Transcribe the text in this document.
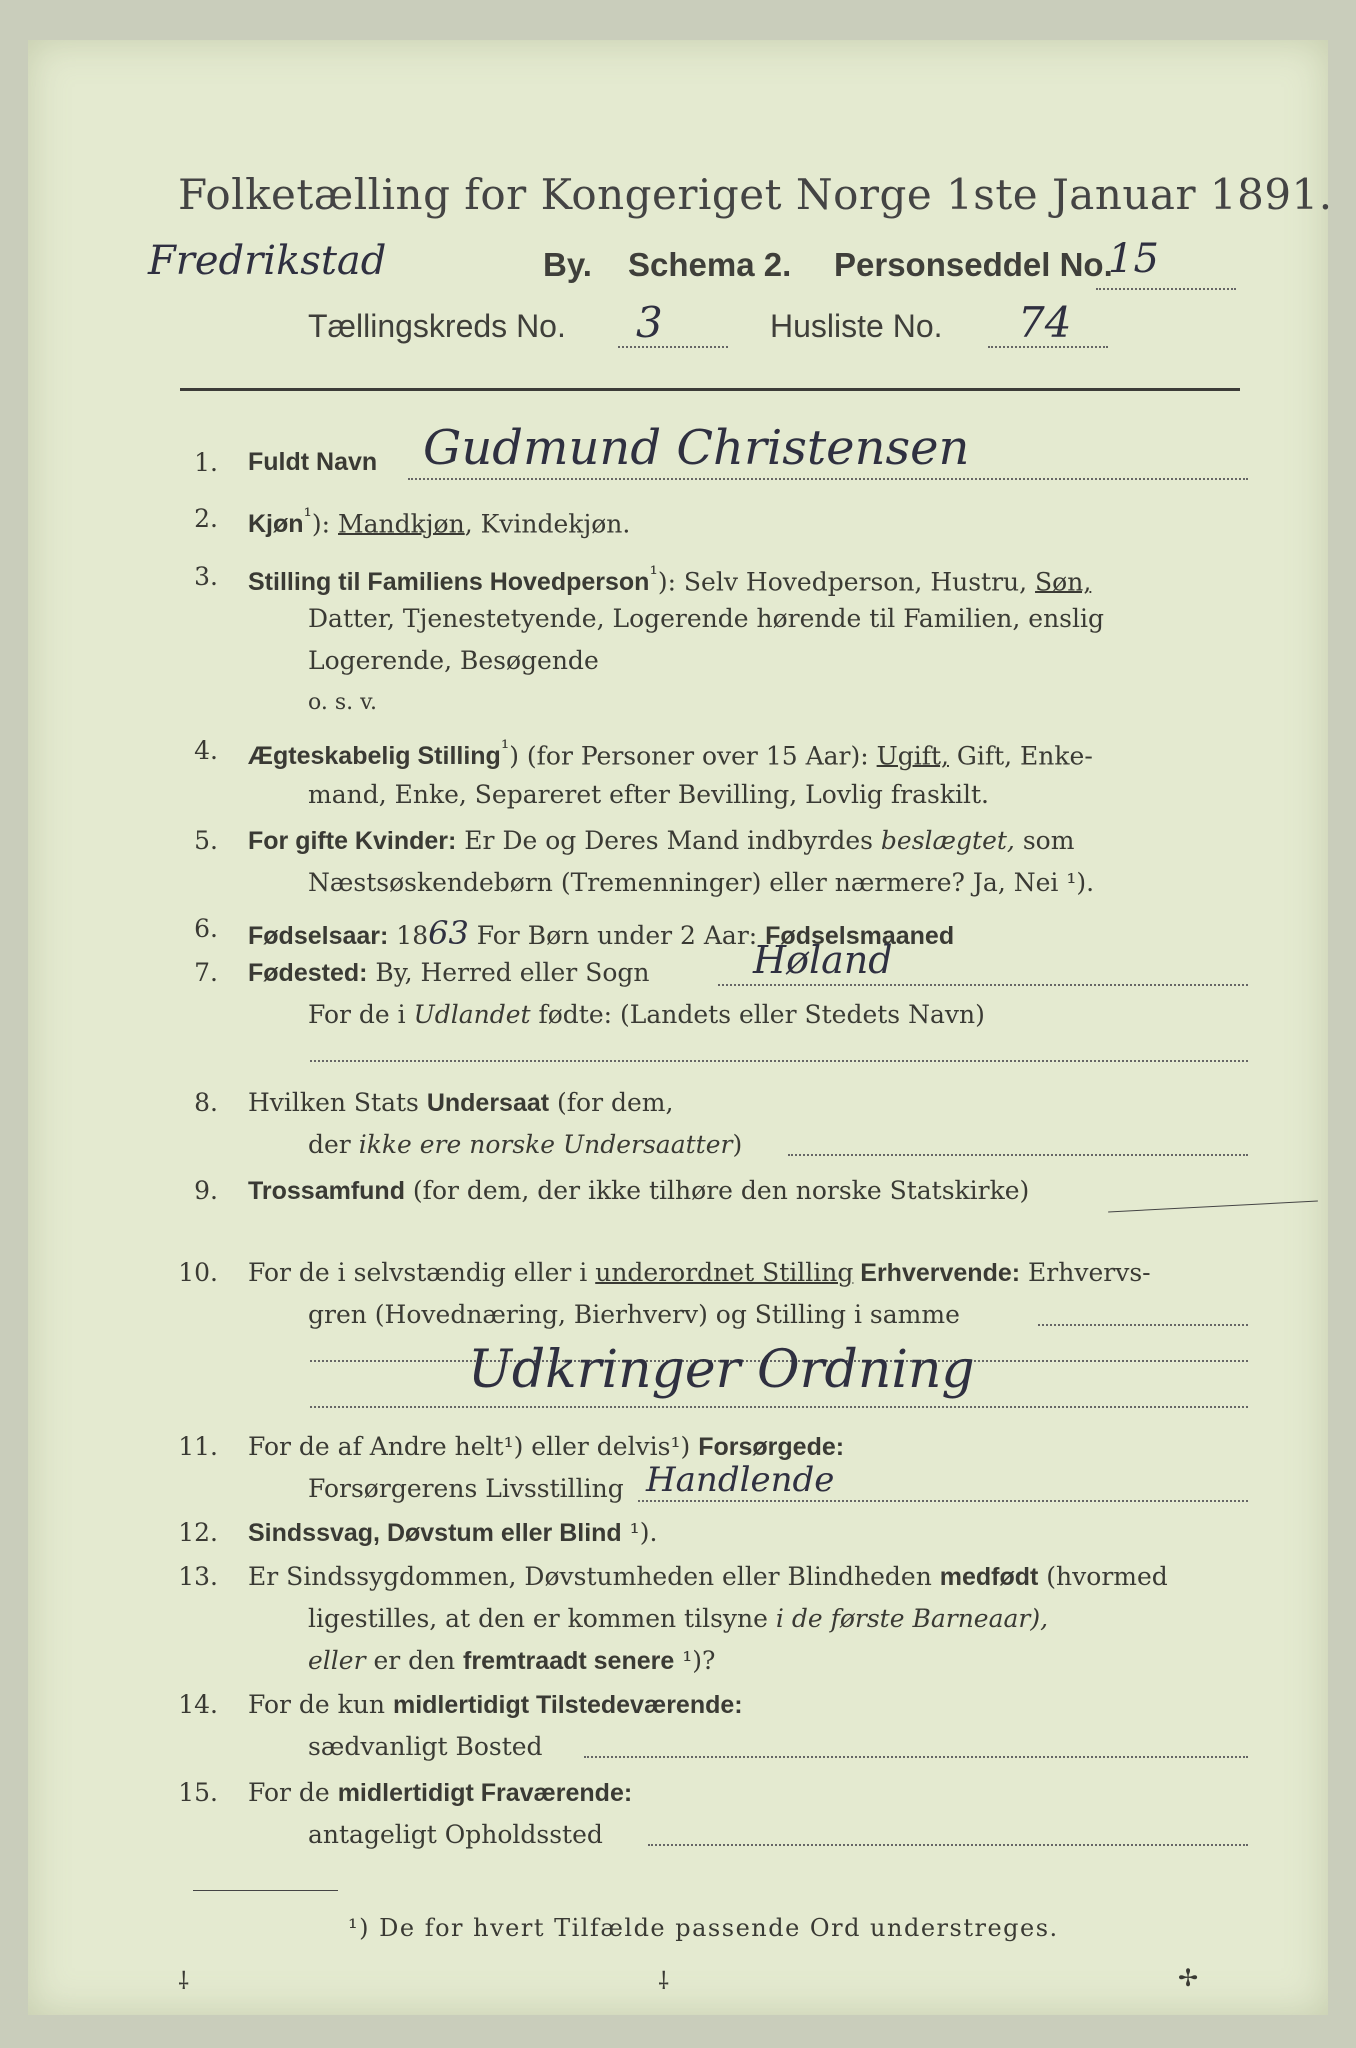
Folketælling for Kongeriget Norge 1ste Januar 1891.
Fredrikstad	By. Schema 2. Personseddel No.
15
Tællingskreds No. 3	Husliste No. 74
1. Fuldt Navn Gudmund Christensen
2. Kjøn$^{^1}$): Mandkjøn, Kvindekjøn.
3. Stilling til Familiens Hovedperson$^{^1}$): Selv Hovedperson, Hustru, Søn,
Datter, Tjenestetyende, Logerende hørende til Familien, enslig
Logerende, Besøgende
o. s. v.
4. Ægteskabelig Stilling$^{^1}$) (for Personer over 15 Aar): Ugift, Gift, Enke-
mand, Enke, Separeret efter Bevilling, Lovlig fraskilt.
5. For gifte Kvinder: Er De og Deres Mand indbyrdes beslægtet, som
Næstsøskendebørn (Tremenninger) eller nærmere? Ja, Nei ¹).
6. Fødselsaar: 1863 For Børn under 2 Aar: Fødselsmaaned
7. Fødested: By, Herred eller Sogn	Høland
For de i Udlandet fødte: (Landets eller Stedets Navn)
8. Hvilken Stats Undersaat (for dem,
der ikke ere norske Undersaatter)
9. Trossamfund (for dem, der ikke tilhøre den norske Statskirke)
10. For de i selvstændig eller i underordnet Stilling Erhvervende: Erhvervs-
gren (Hovednæring, Bierhverv) og Stilling i samme
Udkringer Ordning
11. For de af Andre helt¹) eller delvis¹) Forsørgede:
Forsørgerens Livsstilling Handlende
12. Sindssvag, Døvstum eller Blind ¹).
13. Er Sindssygdommen, Døvstumheden eller Blindheden medfødt (hvormed
ligestilles, at den er kommen tilsyne i de første Barneaar),
eller er den fremtraadt senere ¹)?
14. For de kun midlertidigt Tilstedeværende:
sædvanligt Bosted
15. For de midlertidigt Fraværende:
antageligt Opholdssted
¹) De for hvert Tilfælde passende Ord understreges.
⸸	⸸	✢
